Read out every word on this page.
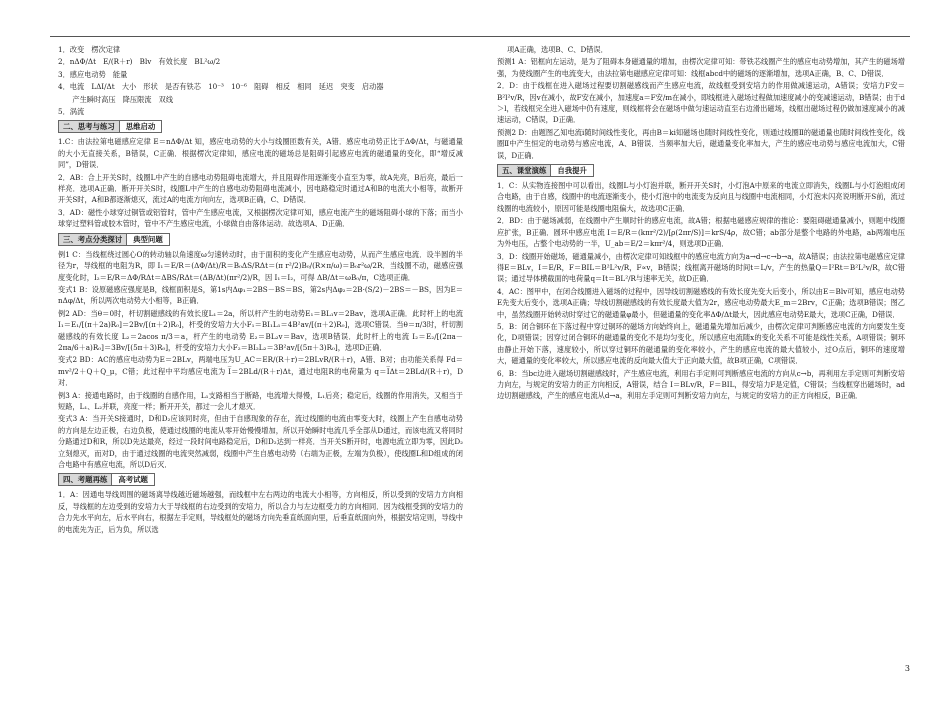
1．改变　楞次定律

2．nΔΦ/Δt　E/(R＋r)　Blv　有效长度　BL²ω/2

3．感应电动势　能量

4．电流　LΔI/Δt　大小　形状　是否有铁芯　10⁻³　10⁻⁶　阻碍　相反　相同　延迟　突变　启动器

　　产生瞬时高压　降压限流　双线

5．涡流

二、思考与练习	思维启动

1.C：由法拉第电磁感应定律 E＝nΔΦ/Δt 知，感应电动势的大小与线圈匝数有关，A错．感应电动势正比于ΔΦ/Δt，与磁通量的大小无直接关系，B错误，C正确．根据楞次定律知，感应电流的磁场总是阻碍引起感应电流的磁通量的变化，即“增反减同”，D错误．

2．AB：合上开关S时，线圈L中产生的自感电动势阻碍电流增大，并且阻碍作用逐渐变小直至为零，故A先亮，B后亮，最后一样亮．选项A正确．断开开关S时，线圈L中产生的自感电动势阻碍电流减小，因电路稳定时通过A和B的电流大小相等，故断开开关S时，A和B都逐渐熄灭，流过A的电流方向向左，选项B正确，C、D错误．

3．AD：磁性小球穿过铜管或铝管时，管中产生感应电流，又根据楞次定律可知，感应电流产生的磁场阻碍小球的下落；而当小球穿过塑料管或胶木管时，管中不产生感应电流，小球做自由落体运动．故选项A、D正确．

三、考点分类探讨	典型问题

例1 C：当线框绕过圆心O的转动轴以角速度ω匀速转动时，由于面积的变化产生感应电动势，从而产生感应电流．设半圆的半径为r，导线框的电阻为R，即 I₁＝E/R＝(ΔΦ/Δt)/R＝B₀ΔS/RΔt＝(π r²/2)B₀/(R×π/ω)＝B₀r²ω/2R．当线圈不动，磁感应强度变化时，I₂＝E/R＝ΔΦ/RΔt＝ΔBS/RΔt＝(ΔB/Δt)(πr²/2)/R，因 I₁＝I₂，可得 ΔB/Δt＝ωB₀/π，C选项正确．

变式1 B：设原磁感应强度是B，线框面积是S，第1s内Δφ₁＝2BS－BS＝BS，第2s内Δφ₂＝2B·(S/2)－2BS＝－BS，因为E＝nΔφ/Δt，所以两次电动势大小相等，B正确．

例2 AD：当θ＝0时，杆切割磁感线的有效长度L₁＝2a，所以杆产生的电动势E₁＝BL₁v＝2Bav，选项A正确．此时杆上的电流 I₁＝E₁/[(π＋2a)R₀]＝2Bv/[(π＋2)R₀]，杆受的安培力大小F₁＝BI₁L₁＝4B²av/[(π＋2)R₀]，选项C错误．当θ＝π/3时，杆切割磁感线的有效长度 L₂＝2acos π/3＝a，杆产生的电动势 E₂＝BL₂v＝Bav，选项B错误．此时杆上的电流 I₂＝E₂/[(2πa－2πa/6＋a)R₀]＝3Bv/[(5π＋3)R₀]，杆受的安培力大小F₂＝BI₂L₂＝3B²av/[(5π＋3)R₀]，选项D正确．

变式2 BD：AC的感应电动势为E＝2BLv，两端电压为U_AC＝ER/(R＋r)＝2BLvR/(R＋r)，A错、B对；由功能关系得 Fd＝mv²/2＋Q＋Q_μ，C错；此过程中平均感应电流为 I̅＝2BLd/(R＋r)Δt，通过电阻R的电荷量为 q＝I̅Δt＝2BLd/(R＋r)，D对．

例3 A：接通电路时，由于线圈的自感作用，L₁支路相当于断路，电流增大得慢，L₁后亮；稳定后，线圈的作用消失，又相当于短路，L₁、L₂并联，亮度一样；断开开关，都过一会儿才熄灭．

变式3 A：当开关S接通时，D和D₂应该同时亮，但由于自感现象的存在，流过线圈的电流由零变大时，线圈上产生自感电动势的方向是左边正极，右边负极，使通过线圈的电流从零开始慢慢增加，所以开始瞬时电流几乎全部从D通过，而该电流又将同时分路通过D和R，所以D先达最亮，经过一段时间电路稳定后，D和D₂达到一样亮．当开关S断开时，电源电流立即为零，因此D₂立刻熄灭，而对D，由于通过线圈的电流突然减弱，线圈中产生自感电动势（右端为正极，左端为负极），使线圈L和D组成的闭合电路中有感应电流，所以D后灭．

四、考题再练	高考试题

1．A：因通电导线周围的磁场离导线越近磁场越强，而线框中左右两边的电流大小相等，方向相反，所以受到的安培力方向相反，导线框的左边受到的安培力大于导线框的右边受到的安培力，所以合力与左边框受力的方向相同．因为线框受到的安培力的合力先水平向左，后水平向右，根据左手定则，导线框处的磁场方向先垂直纸面向里，后垂直纸面向外，根据安培定则，导线中的电流先为正，后为负，所以选

项A正确，选项B、C、D错误．

预测1 A：铝框向左运动，是为了阻碍本身磁通量的增加，由楞次定律可知：带铁芯线圈产生的感应电动势增加，其产生的磁场增强，为使线圈产生的电流变大，由法拉第电磁感应定律可知：线框abcd中的磁场的逐渐增加，选项A正确，B、C、D错误．

2．D：由于线框在进入磁场过程要切割磁感线而产生感应电流，故线框受到安培力的作用做减速运动，A错误；安培力F安＝B²l²v/R，因v在减小，故F安在减小，加速度a＝F安/m在减小，即线框进入磁场过程做加速度减小的变减速运动，B错误；由于d＞l，若线框完全进入磁场中仍有速度，则线框将会在磁场中做匀速运动直至右边滑出磁场，线框出磁场过程仍做加速度减小的减速运动，C错误，D正确．

预测2 D：由题图乙知电流i随时间线性变化，再由B＝ki知磁场也随时间线性变化，则通过线圈Ⅱ的磁通量也随时间线性变化，线圈Ⅱ中产生恒定的电动势与感应电流，A、B错误．当频率加大后，磁通量变化率加大，产生的感应电动势与感应电流加大，C错误，D正确．

五、课堂演练	自我提升

1．C：从实物连接图中可以看出，线圈L与小灯泡并联，断开开关S时，小灯泡A中原来的电流立即消失，线圈L与小灯泡组成闭合电路，由于自感，线圈中的电流逐渐变小，使小灯泡中的电流变为反向且与线圈中电流相同，小灯泡未闪亮说明断开S前，流过线圈的电流较小，原因可能是线圈电阻偏大，故选项C正确．

2．BD：由于磁场减弱，在线圈中产生顺时针的感应电流，故A错；根据电磁感应规律的推论：要阻碍磁通量减小，则题中线圈应扩张，B正确．圆环中感应电流 I＝E/R＝(kπr²/2)/[ρ(2πr/S)]＝krS/4ρ，故C错；ab部分是整个电路的外电路，ab两端电压为外电压，占整个电动势的一半，U_ab＝E/2＝kπr²/4，则选项D正确．

3．D：线圈开始磁场，磁通量减小，由楞次定律可知线框中的感应电流方向为a→d→c→b→a，故A错误；由法拉第电磁感应定律得E＝BLv，I＝E/R，F＝BIL＝B²L²v/R，F∝v，B错误；线框离开磁场的时间t＝L/v，产生的热量Q＝I²Rt＝B²L²v/R，故C错误；通过导体横截面的电荷量q＝It＝BL²/R与速率无关，故D正确．

4．AC：图甲中，在闭合线圈进入磁场的过程中，因导线切割磁感线的有效长度先变大后变小，所以由E＝Blv可知，感应电动势E先变大后变小，选项A正确；导线切割磁感线的有效长度最大值为2r，感应电动势最大E_m＝2Brv，C正确；选项B错误；图乙中，虽然线圈开始转动时穿过它的磁通量φ最小，但磁通量的变化率ΔΦ/Δt最大，因此感应电动势E最大，选项C正确，D错误．

5．B：闭合铜环在下落过程中穿过铜环的磁场方向始终向上，磁通量先增加后减少，由楞次定律可判断感应电流的方向要发生变化，D项错误；因穿过闭合铜环的磁通量的变化不是均匀变化，所以感应电流随x的变化关系不可能是线性关系，A项错误；铜环由静止开始下落，速度较小，所以穿过铜环的磁通量的变化率较小，产生的感应电流的最大值较小，过O点后，铜环的速度增大，磁通量的变化率较大，所以感应电流的反向最大值大于正向最大值，故B项正确，C项错误．

6．B：当bc边进入磁场切割磁感线时，产生感应电流，利用右手定则可判断感应电流的方向从c→b，再利用左手定则可判断安培力向左，与规定的安培力的正方向相反，A错误，结合 I＝BLv/R，F＝BIL，得安培力F是定值，C错误；当线框穿出磁场时，ad边切割磁感线，产生的感应电流从d→a，利用左手定则可判断安培力向左，与规定的安培力的正方向相反，B正确．

3
